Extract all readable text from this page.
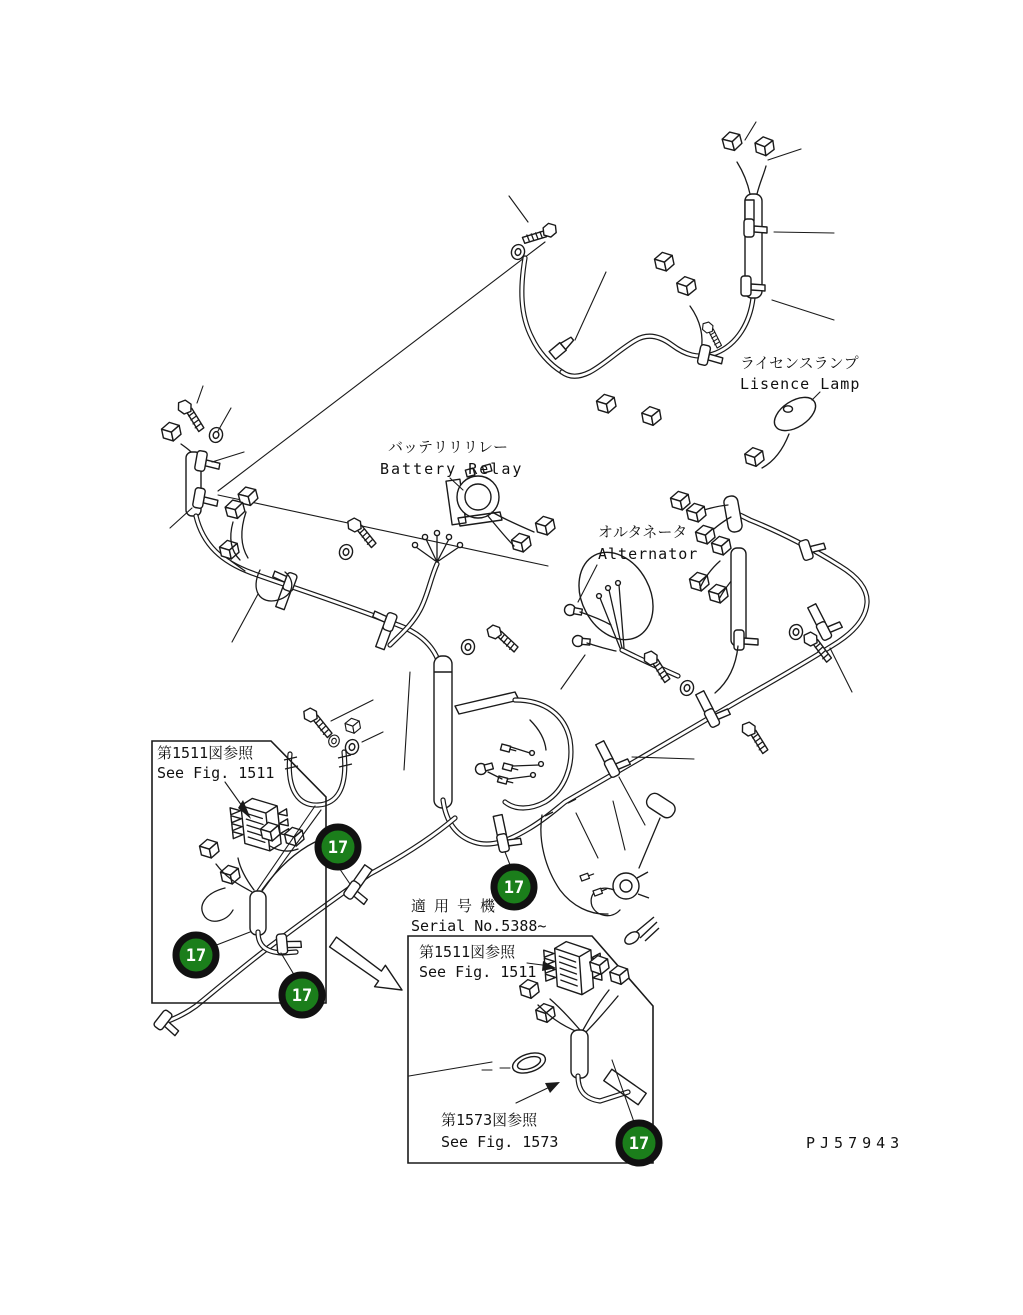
17
17
17
17
17
ライセンスランプ
Lisence Lamp
バッテリリリレー
Battery Relay
オルタネータ
Alternator
第1511図参照
See Fig. 1511
適用号機
Serial No.5388~
第1511図参照
See Fig. 1511
第1573図参照
See Fig. 1573	PJ57943
